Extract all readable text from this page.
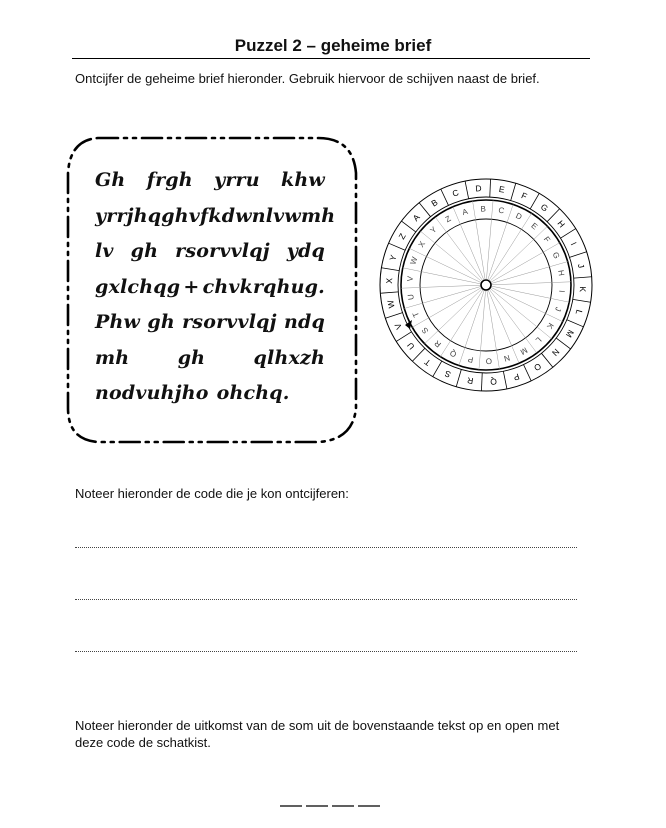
Puzzel 2 – geheime brief
Ontcijfer de geheime brief hieronder. Gebruik hiervoor de schijven naast de brief.
Gh frgh yrru khw
yrrjhqgh vfkdwnlvwmh
lv gh rsorvvlqj ydq
gxlchqg + chvkrqhug.
Phw gh rsorvvlqj ndq
mh	gh	qlhxzh
nodvuhjho ohchq.
A
B
C D E
F
G
H
I
J
K
L
M
N
O
P
Q
R
S
T
U
V
W
X
Y
Z
A B C
D
E
F
G
H
I
J
K
L
M
N
O
P
Q
R
S
T
U
V
W
X
Y
Z
Noteer hieronder de code die je kon ontcijferen:
Noteer hieronder de uitkomst van de som uit de bovenstaande tekst op en open met
deze code de schatkist.
